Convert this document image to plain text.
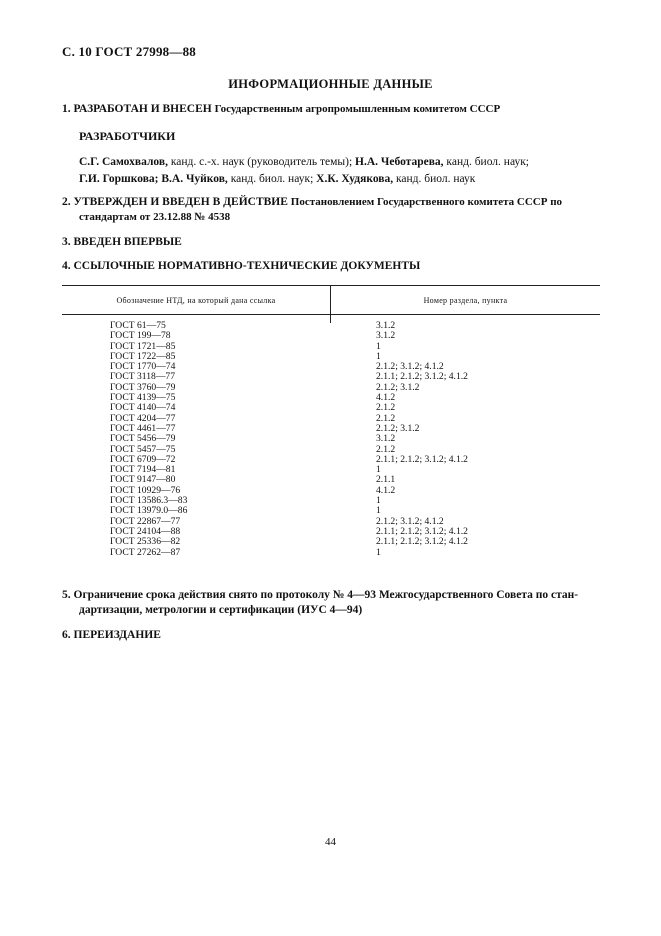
С. 10 ГОСТ 27998—88
ИНФОРМАЦИОННЫЕ ДАННЫЕ
1. РАЗРАБОТАН И ВНЕСЕН Государственным агропромышленным комитетом СССР
РАЗРАБОТЧИКИ
С.Г. Самохвалов, канд. с.-х. наук (руководитель темы); Н.А. Чеботарева, канд. биол. наук;
Г.И. Горшкова; В.А. Чуйков, канд. биол. наук; Х.К. Худякова, канд. биол. наук
2. УТВЕРЖДЕН И ВВЕДЕН В ДЕЙСТВИЕ Постановлением Государственного комитета СССР по
стандартам от 23.12.88 № 4538
3. ВВЕДЕН ВПЕРВЫЕ
4. ССЫЛОЧНЫЕ НОРМАТИВНО-ТЕХНИЧЕСКИЕ ДОКУМЕНТЫ
Обозначение НТД, на который дана ссылка	Номер раздела, пункта
ГОСТ 61—75
ГОСТ 199—78
ГОСТ 1721—85
ГОСТ 1722—85
ГОСТ 1770—74
ГОСТ 3118—77
ГОСТ 3760—79
ГОСТ 4139—75
ГОСТ 4140—74
ГОСТ 4204—77
ГОСТ 4461—77
ГОСТ 5456—79
ГОСТ 5457—75
ГОСТ 6709—72
ГОСТ 7194—81
ГОСТ 9147—80
ГОСТ 10929—76
ГОСТ 13586.3—83
ГОСТ 13979.0—86
ГОСТ 22867—77
ГОСТ 24104—88
ГОСТ 25336—82
ГОСТ 27262—87
3.1.2
3.1.2
1
1
2.1.2; 3.1.2; 4.1.2
2.1.1; 2.1.2; 3.1.2; 4.1.2
2.1.2; 3.1.2
4.1.2
2.1.2
2.1.2
2.1.2; 3.1.2
3.1.2
2.1.2
2.1.1; 2.1.2; 3.1.2; 4.1.2
1
2.1.1
4.1.2
1
1
2.1.2; 3.1.2; 4.1.2
2.1.1; 2.1.2; 3.1.2; 4.1.2
2.1.1; 2.1.2; 3.1.2; 4.1.2
1
5. Ограничение срока действия снято по протоколу № 4—93 Межгосударственного Совета по стан-
дартизации, метрологии и сертификации (ИУС 4—94)
6. ПЕРЕИЗДАНИЕ
44
